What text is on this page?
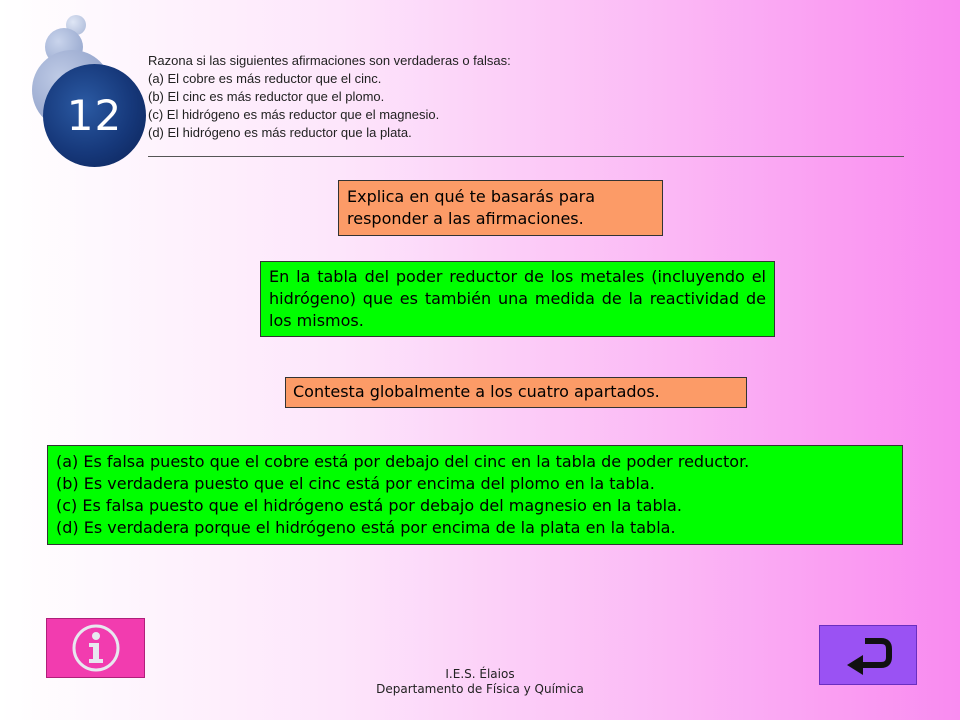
12
Razona si las siguientes afirmaciones son verdaderas o falsas:
(a) El cobre es más reductor que el cinc.
(b) El cinc es más reductor que el plomo.
(c) El hidrógeno es más reductor que el magnesio.
(d) El hidrógeno es más reductor que la plata.
Explica en qué te basarás para responder a las afirmaciones.
En la tabla del poder reductor de los metales (incluyendo el hidrógeno) que es también una medida de la reactividad de los mismos.
Contesta globalmente a los cuatro apartados.
(a) Es falsa puesto que el cobre está por debajo del cinc en la tabla de poder reductor.
(b) Es verdadera puesto que el cinc está por encima del plomo en la tabla.
(c) Es falsa puesto que el hidrógeno está por debajo del magnesio en la tabla.
(d) Es verdadera porque el hidrógeno está por encima de la plata en la tabla.
I.E.S. Élaios
Departamento de Física y Química
